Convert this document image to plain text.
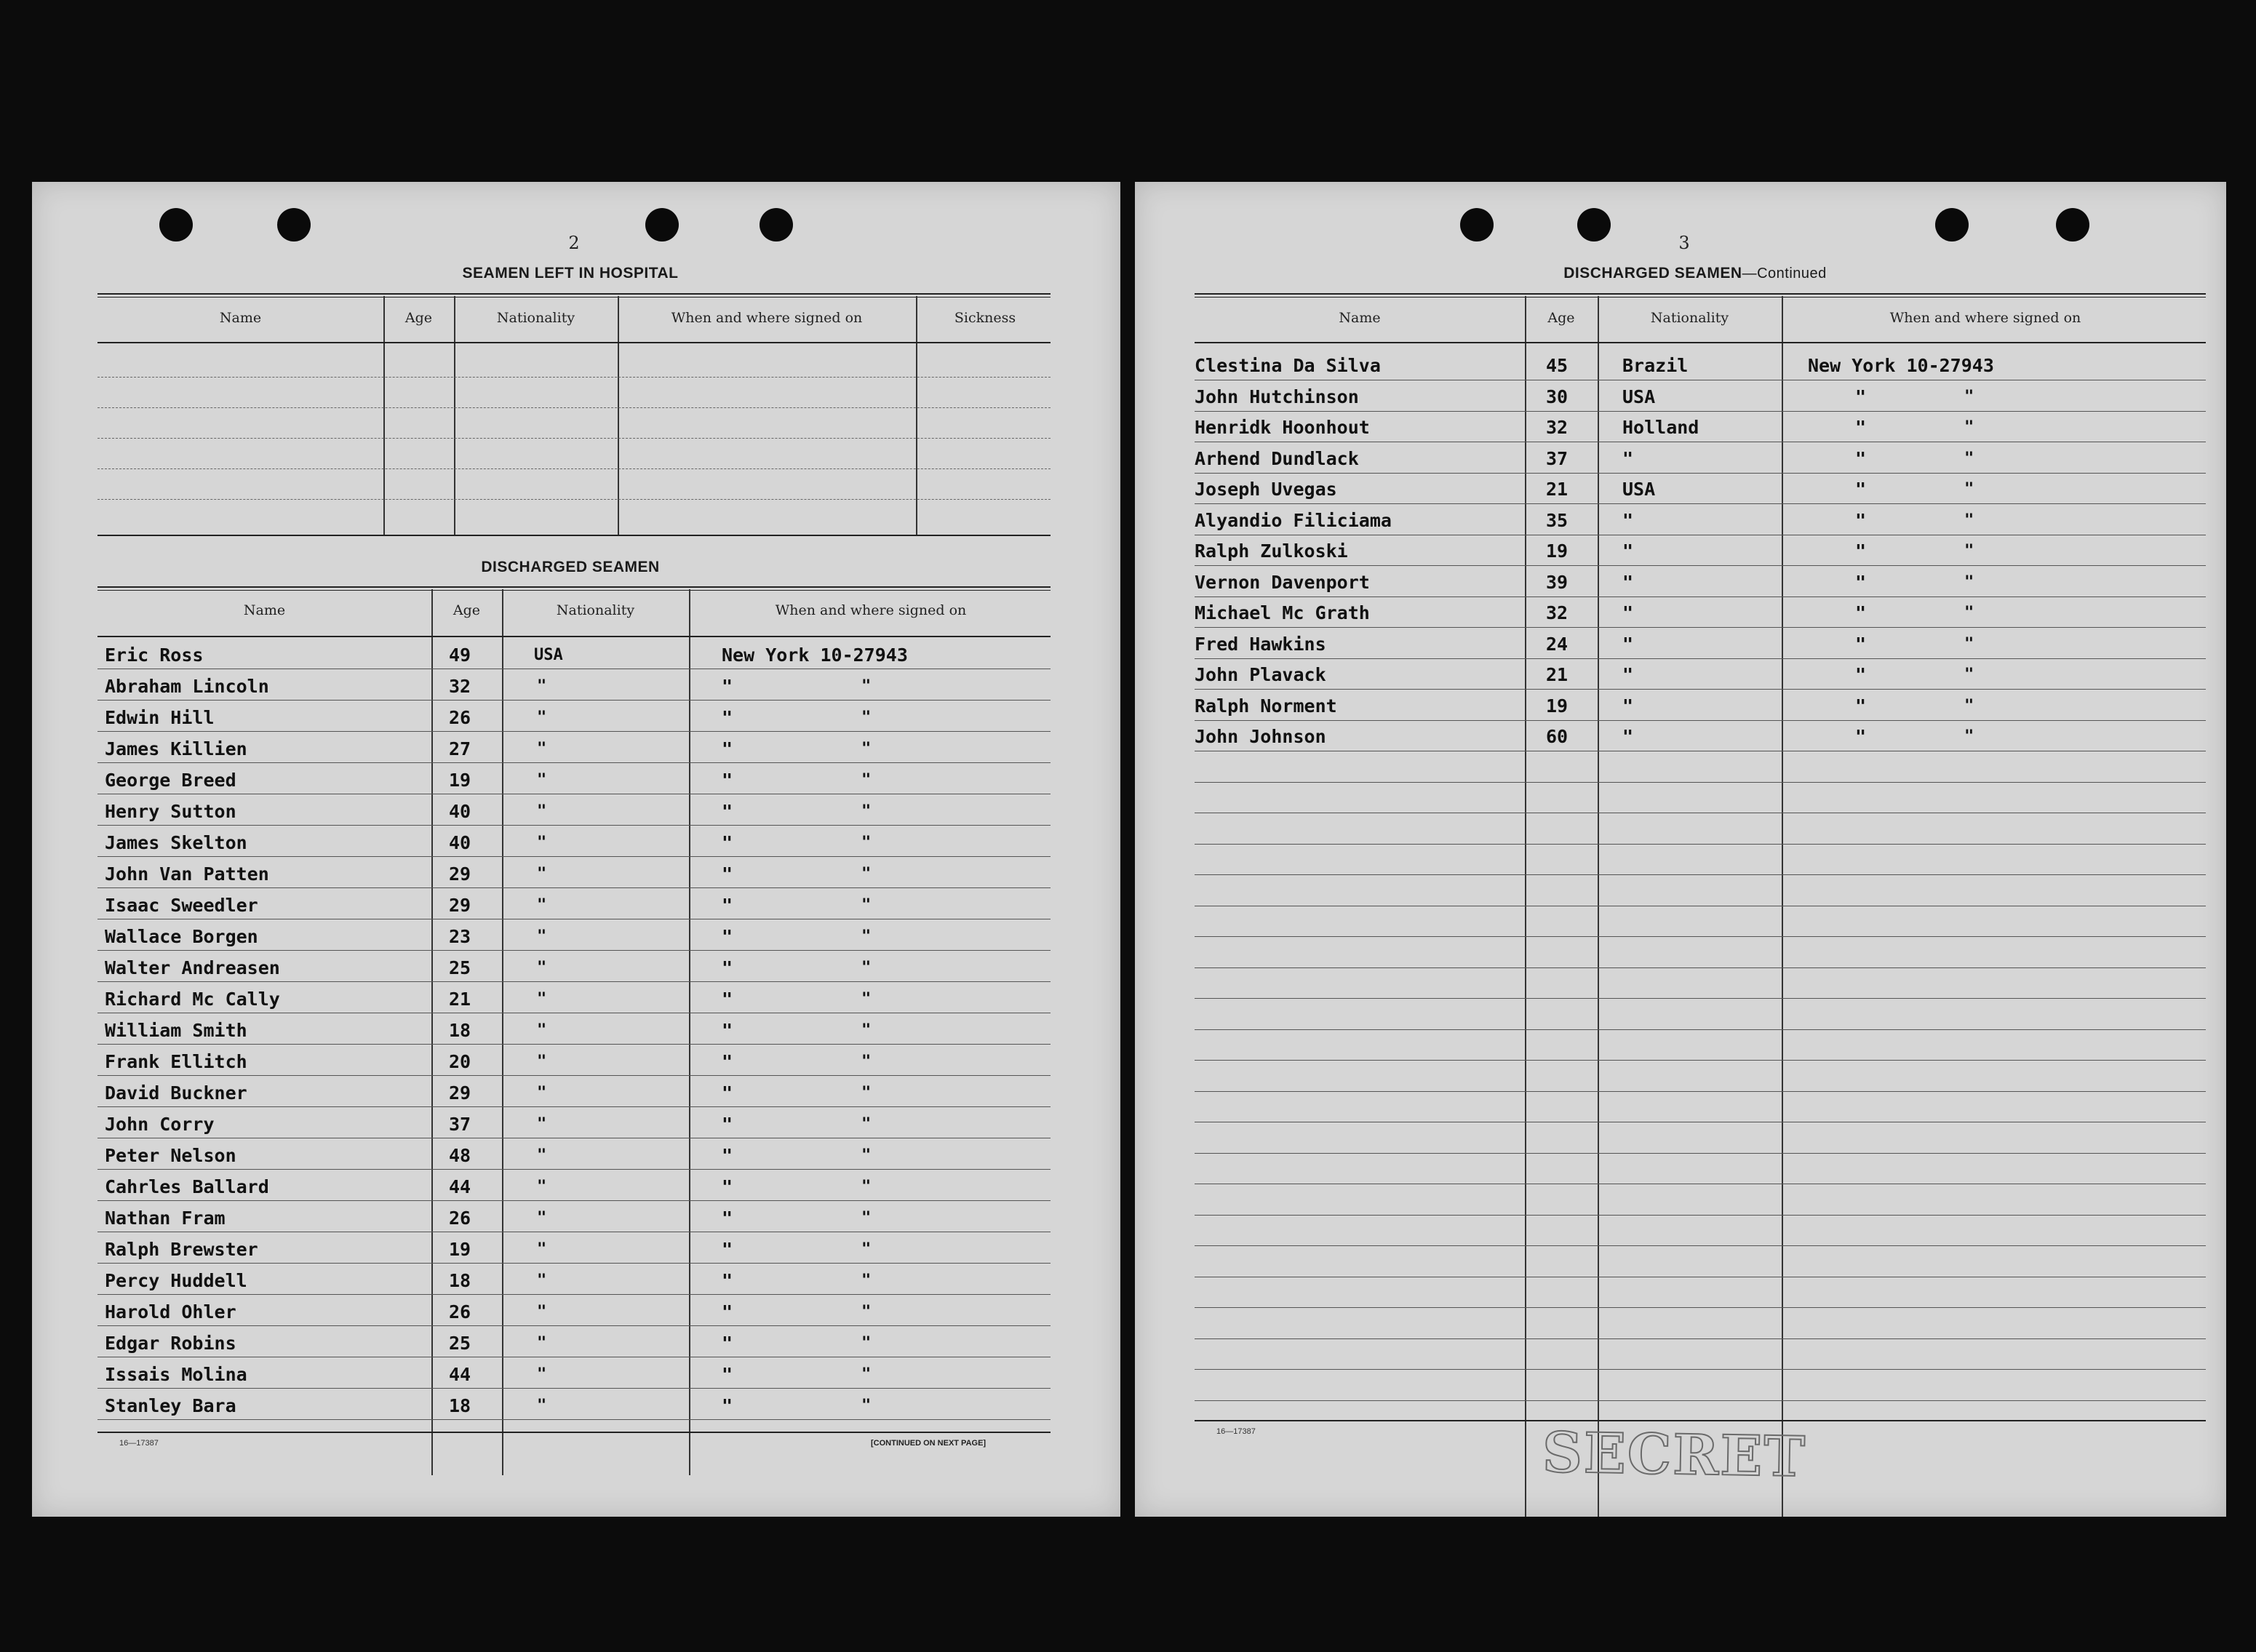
2
SEAMEN LEFT IN HOSPITAL
Name	Age	Nationality	When and where signed on	Sickness
DISCHARGED SEAMEN
Name	Age	Nationality	When and where signed on
Eric Ross	49	USA	New York 10-27943
Abraham Lincoln	32	"	"	"
Edwin Hill	26	"	"	"
James Killien	27	"	"	"
George Breed	19	"	"	"
Henry Sutton	40	"	"	"
James Skelton	40	"	"	"
John Van Patten	29	"	"	"
Isaac Sweedler	29	"	"	"
Wallace Borgen	23	"	"	"
Walter Andreasen	25	"	"	"
Richard Mc Cally	21	"	"	"
William Smith	18	"	"	"
Frank Ellitch	20	"	"	"
David Buckner	29	"	"	"
John Corry	37	"	"	"
Peter Nelson	48	"	"	"
Cahrles Ballard	44	"	"	"
Nathan Fram	26	"	"	"
Ralph Brewster	19	"	"	"
Percy Huddell	18	"	"	"
Harold Ohler	26	"	"	"
Edgar Robins	25	"	"	"
Issais Molina	44	"	"	"
Stanley Bara	18	"	"	"
16—17387	[CONTINUED ON NEXT PAGE]
3
DISCHARGED SEAMEN—Continued
Name	Age	Nationality	When and where signed on
Clestina Da Silva	45	Brazil	New York 10-27943
John Hutchinson	30	USA	"	"
Henridk Hoonhout	32	Holland	"	"
Arhend Dundlack	37	"	"	"
Joseph Uvegas	21	USA	"	"
Alyandio Filiciama	35	"	"	"
Ralph Zulkoski	19	"	"	"
Vernon Davenport	39	"	"	"
Michael Mc Grath	32	"	"	"
Fred Hawkins	24	"	"	"
John Plavack	21	"	"	"
Ralph Norment	19	"	"	"
John Johnson	60	"	"	"
16—17387	SECRET
